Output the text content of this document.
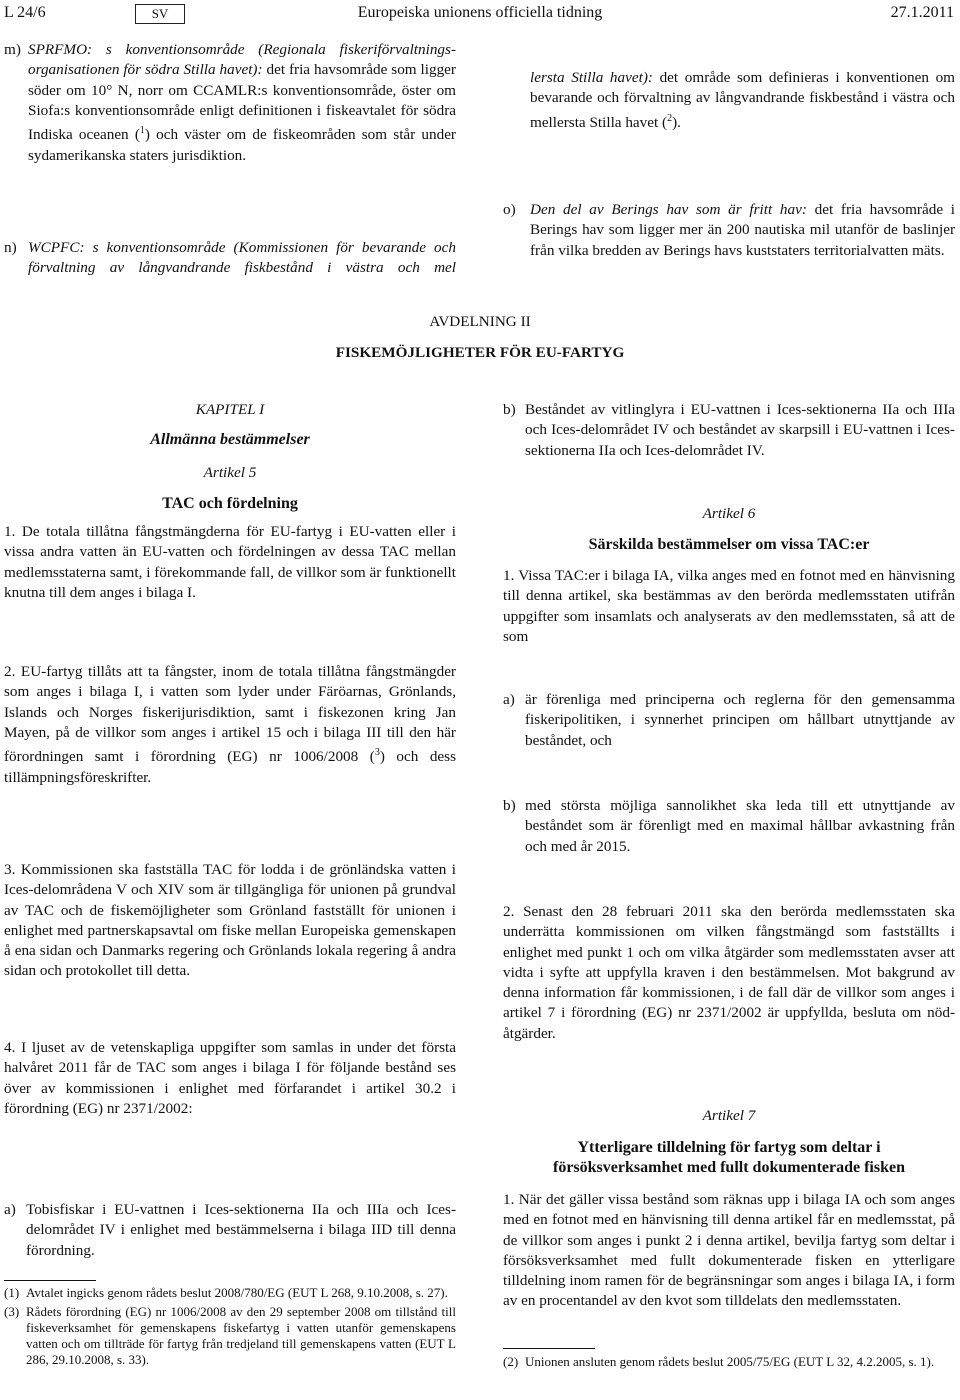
L 24/6	SV	Europeiska unionens officiella tidning	27.1.2011
m) SPRFMO: s konventionsområde (Regionala fiskeriförvaltningsorganisationen för södra Stilla havet): det fria havsområde som ligger söder om 10° N, norr om CCAMLR:s konventionsområde, öster om Siofa:s konventionsområde enligt definitionen i fiskeavtalet för södra Indiska oceanen ($^1$) och väster om de fiskeområden som står under sydamerikanska staters jurisdiktion.
n) WCPFC: s konventionsområde (Kommissionen för bevarande och förvaltning av långvandrande fiskbestånd i västra och mel
lersta Stilla havet): det område som definieras i konventionen om bevarande och förvaltning av långvandrande fiskbestånd i västra och mellersta Stilla havet ($^2$).
o) Den del av Berings hav som är fritt hav: det fria havsområde i Berings hav som ligger mer än 200 nautiska mil utanför de baslinjer från vilka bredden av Berings havs kuststaters territorialvatten mäts.
AVDELNING II
FISKEMÖJLIGHETER FÖR EU-FARTYG
KAPITEL I
Allmänna bestämmelser
Artikel 5
TAC och fördelning
1. De totala tillåtna fångstmängderna för EU-fartyg i EU-vatten eller i vissa andra vatten än EU-vatten och fördelningen av dessa TAC mellan medlemsstaterna samt, i förekommande fall, de villkor som är funktionellt knutna till dem anges i bilaga I.
2. EU-fartyg tillåts att ta fångster, inom de totala tillåtna fångstmängder som anges i bilaga I, i vatten som lyder under Färöarnas, Grönlands, Islands och Norges fiskerijurisdiktion, samt i fiskezonen kring Jan Mayen, på de villkor som anges i artikel 15 och i bilaga III till den här förordningen samt i förordning (EG) nr 1006/2008 ($^3$) och dess tillämpningsföreskrifter.
3. Kommissionen ska fastställa TAC för lodda i de grönländska vatten i Ices-delområdena V och XIV som är tillgängliga för unionen på grundval av TAC och de fiskemöjligheter som Grönland fastställt för unionen i enlighet med partnerskapsavtal om fiske mellan Europeiska gemenskapen å ena sidan och Danmarks regering och Grönlands lokala regering å andra sidan och protokollet till detta.
4. I ljuset av de vetenskapliga uppgifter som samlas in under det första halvåret 2011 får de TAC som anges i bilaga I för följande bestånd ses över av kommissionen i enlighet med förfarandet i artikel 30.2 i förordning (EG) nr 2371/2002:
a) Tobisfiskar i EU-vattnen i Ices-sektionerna IIa och IIIa och Ices-delområdet IV i enlighet med bestämmelserna i bilaga IID till denna förordning.
(1) Avtalet ingicks genom rådets beslut 2008/780/EG (EUT L 268, 9.10.2008, s. 27).
(3) Rådets förordning (EG) nr 1006/2008 av den 29 september 2008 om tillstånd till fiskeverksamhet för gemenskapens fiskefartyg i vatten utanför gemenskapens vatten och om tillträde för fartyg från tredjeland till gemenskapens vatten (EUT L 286, 29.10.2008, s. 33).
b) Beståndet av vitlinglyra i EU-vattnen i Ices-sektionerna IIa och IIIa och Ices-delområdet IV och beståndet av skarpsill i EU-vattnen i Ices-sektionerna IIa och Ices-delområdet IV.
Artikel 6
Särskilda bestämmelser om vissa TAC:er
1. Vissa TAC:er i bilaga IA, vilka anges med en fotnot med en hänvisning till denna artikel, ska bestämmas av den berörda medlemsstaten utifrån uppgifter som insamlats och analyserats av den medlemsstaten, så att de som
a) är förenliga med principerna och reglerna för den gemensamma fiskeripolitiken, i synnerhet principen om hållbart utnyttjande av beståndet, och
b) med största möjliga sannolikhet ska leda till ett utnyttjande av beståndet som är förenligt med en maximal hållbar avkastning från och med år 2015.
2. Senast den 28 februari 2011 ska den berörda medlemsstaten ska underrätta kommissionen om vilken fångstmängd som fastställts i enlighet med punkt 1 och om vilka åtgärder som medlemsstaten avser att vidta i syfte att uppfylla kraven i den bestämmelsen. Mot bakgrund av denna information får kommissionen, i de fall där de villkor som anges i artikel 7 i förordning (EG) nr 2371/2002 är uppfyllda, besluta om nödåtgärder.
Artikel 7
Ytterligare tilldelning för fartyg som deltar i försöksverksamhet med fullt dokumenterade fisken
1. När det gäller vissa bestånd som räknas upp i bilaga IA och som anges med en fotnot med en hänvisning till denna artikel får en medlemsstat, på de villkor som anges i punkt 2 i denna artikel, bevilja fartyg som deltar i försöksverksamhet med fullt dokumenterade fisken en ytterligare tilldelning inom ramen för de begränsningar som anges i bilaga IA, i form av en procentandel av den kvot som tilldelats den medlemsstaten.
(2) Unionen ansluten genom rådets beslut 2005/75/EG (EUT L 32, 4.2.2005, s. 1).
